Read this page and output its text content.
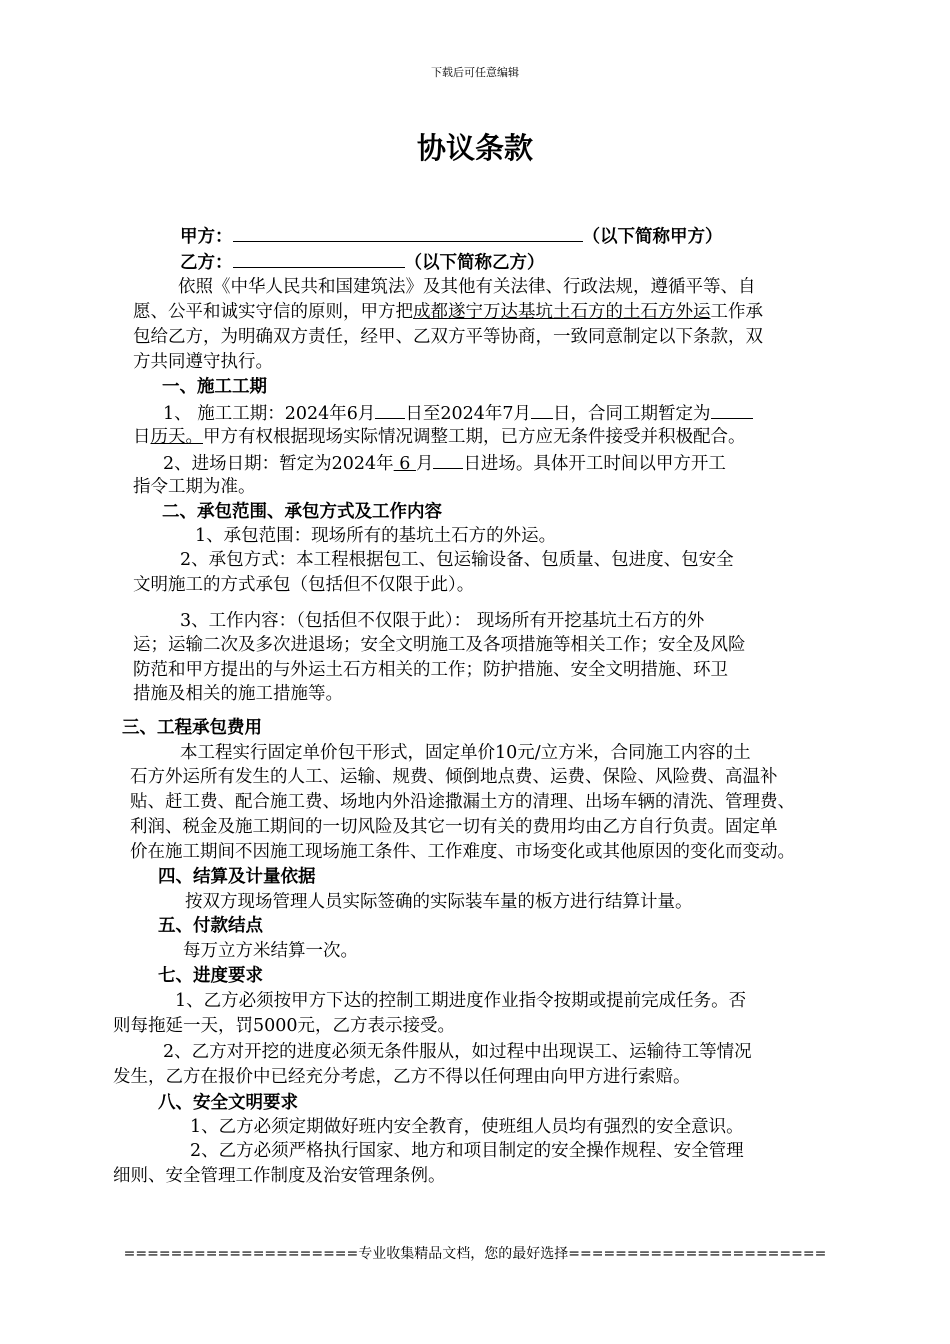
下载后可任意编辑
协议条款
甲方：	（以下简称甲方）
乙方：	（以下简称乙方）
依照《中华人民共和国建筑法》及其他有关法律、行政法规，遵循平等、自
愿、公平和诚实守信的原则，甲方把成都遂宁万达基坑土石方的土石方外运工作承
包给乙方，为明确双方责任，经甲、乙双方平等协商，一致同意制定以下条款，双
方共同遵守执行。
一、施工工期
1、 施工工期：2024年6月 日至2024年7月 日，合同工期暂定为
日历天。甲方有权根据现场实际情况调整工期，已方应无条件接受并积极配合。
2、进场日期：暂定为2024年 6 月 日进场。具体开工时间以甲方开工
指令工期为准。
二、承包范围、承包方式及工作内容
1、承包范围：现场所有的基坑土石方的外运。
2、承包方式：本工程根据包工、包运输设备、包质量、包进度、包安全
文明施工的方式承包（包括但不仅限于此）。
3、工作内容：（包括但不仅限于此）： 现场所有开挖基坑土石方的外
运；运输二次及多次进退场；安全文明施工及各项措施等相关工作；安全及风险
防范和甲方提出的与外运土石方相关的工作；防护措施、安全文明措施、环卫
措施及相关的施工措施等。
三、工程承包费用
本工程实行固定单价包干形式，固定单价10元/立方米，合同施工内容的土
石方外运所有发生的人工、运输、规费、倾倒地点费、运费、保险、风险费、高温补
贴、赶工费、配合施工费、场地内外沿途撒漏土方的清理、出场车辆的清洗、管理费、
利润、税金及施工期间的一切风险及其它一切有关的费用均由乙方自行负责。固定单
价在施工期间不因施工现场施工条件、工作难度、市场变化或其他原因的变化而变动。
四、结算及计量依据
按双方现场管理人员实际签确的实际装车量的板方进行结算计量。
五、付款结点
每万立方米结算一次。
七、进度要求
1、乙方必须按甲方下达的控制工期进度作业指令按期或提前完成任务。否
则每拖延一天，罚5000元，乙方表示接受。
2、乙方对开挖的进度必须无条件服从，如过程中出现误工、运输待工等情况
发生，乙方在报价中已经充分考虑，乙方不得以任何理由向甲方进行索赔。
八、安全文明要求
1、乙方必须定期做好班内安全教育，使班组人员均有强烈的安全意识。
2、乙方必须严格执行国家、地方和项目制定的安全操作规程、安全管理
细则、安全管理工作制度及治安管理条例。
====================专业收集精品文档，您的最好选择======================
